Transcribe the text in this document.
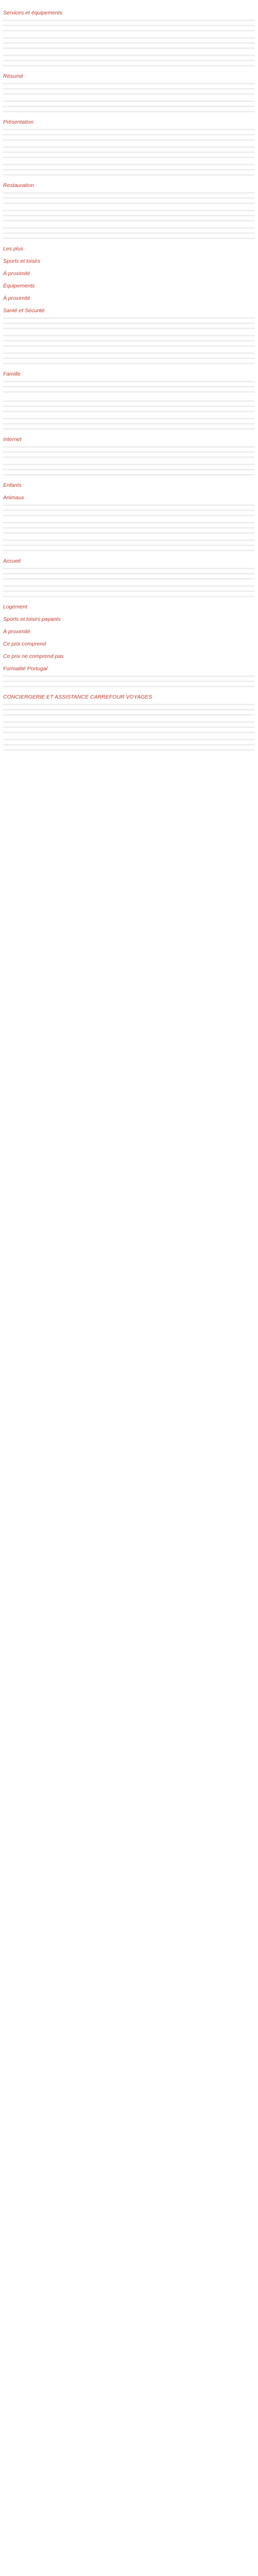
Services et équipements

Résumé

Présentation

Restauration

Les plus
Sports et loisirs
À proximité
Équipements
À proximité
Santé et Sécurité

Famille

Internet

Enfants
Animaux

Accueil

Logement
Sports et loisirs payants
À proximité
Ce prix comprend
Ce prix ne comprend pas
Formalité Portugal

CONCIERGERIE ET ASSISTANCE CARREFOUR VOYAGES
